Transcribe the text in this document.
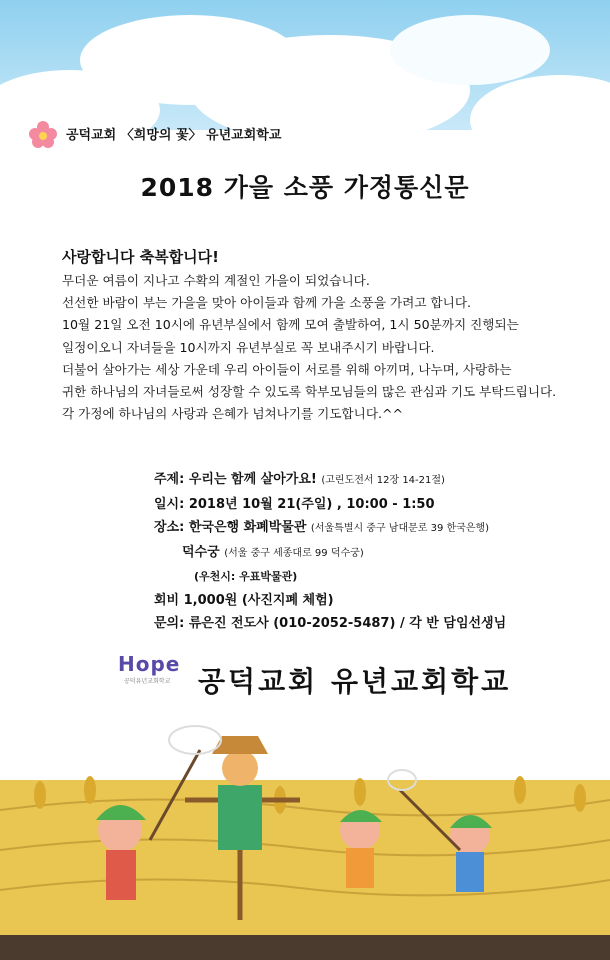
공덕교회 〈희망의 꽃〉 유년교회학교
2018 가을 소풍 가정통신문
사랑합니다 축복합니다!
무더운 여름이 지나고 수확의 계절인 가을이 되었습니다.
선선한 바람이 부는 가을을 맞아 아이들과 함께 가을 소풍을 가려고 합니다.
10월 21일 오전 10시에 유년부실에서 함께 모여 출발하여, 1시 50분까지 진행되는
일정이오니 자녀들을 10시까지 유년부실로 꼭 보내주시기 바랍니다.
더불어 살아가는 세상 가운데 우리 아이들이 서로를 위해 아끼며, 나누며, 사랑하는
귀한 하나님의 자녀들로써 성장할 수 있도록 학부모님들의 많은 관심과 기도 부탁드립니다.
각 가정에 하나님의 사랑과 은혜가 넘쳐나기를 기도합니다.^^
주제: 우리는 함께 살아가요! (고린도전서 12장 14-21절)
일시: 2018년 10월 21(주일) , 10:00 - 1:50
장소: 한국은행 화폐박물관 (서울특별시 중구 남대문로 39 한국은행)
덕수궁 (서울 중구 세종대로 99 덕수궁)
(우천시: 우표박물관)
회비 1,000원 (사진지폐 체험)
문의: 류은진 전도사 (010-2052-5487) / 각 반 담임선생님
Hope
공덕유년교회학교 공덕교회 유년교회학교
